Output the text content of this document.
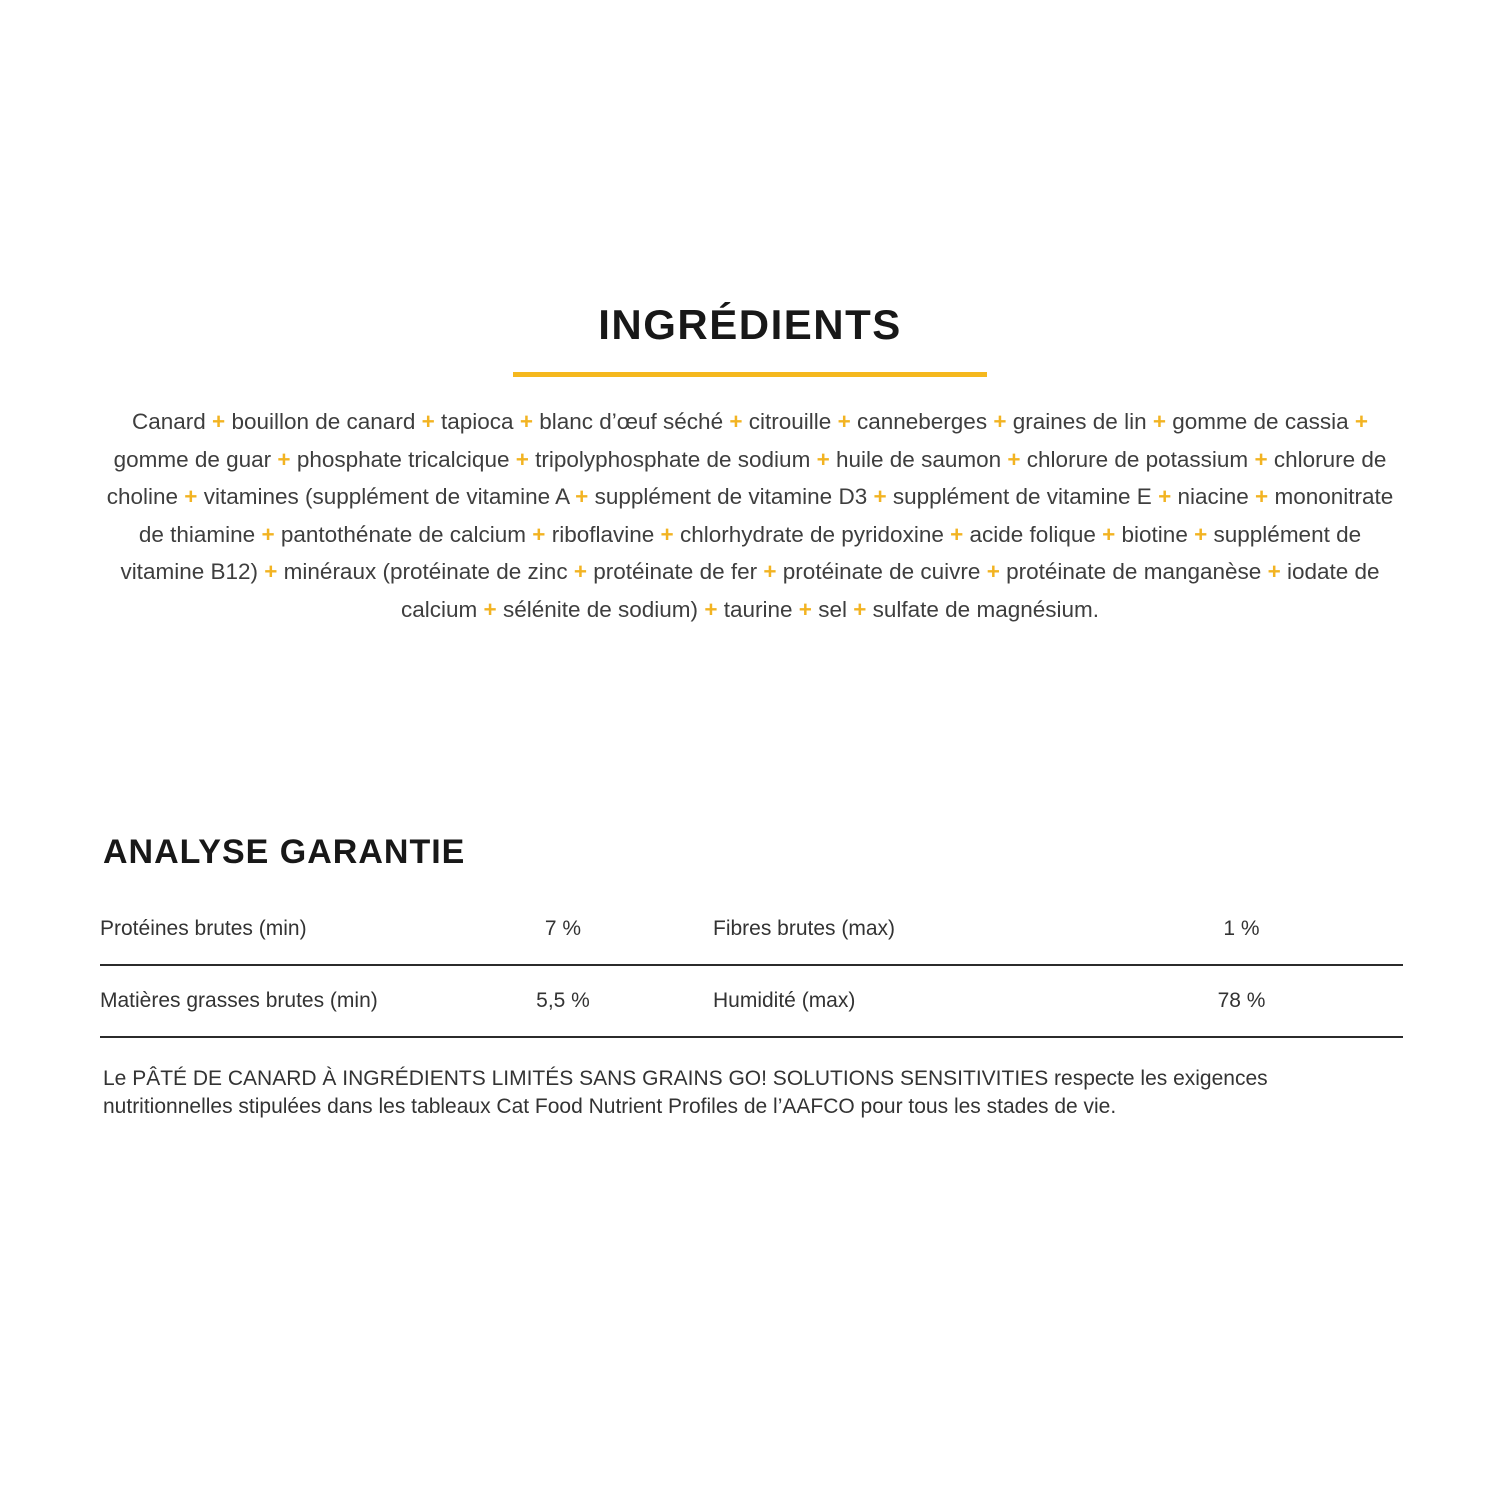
INGRÉDIENTS

Canard + bouillon de canard + tapioca + blanc d’œuf séché + citrouille + canneberges + graines de lin + gomme de cassia + gomme de guar + phosphate tricalcique + tripolyphosphate de sodium + huile de saumon + chlorure de potassium + chlorure de choline + vitamines (supplément de vitamine A + supplément de vitamine D3 + supplément de vitamine E + niacine + mononitrate de thiamine + pantothénate de calcium + riboflavine + chlorhydrate de pyridoxine + acide folique + biotine + supplément de vitamine B12) + minéraux (protéinate de zinc + protéinate de fer + protéinate de cuivre + protéinate de manganèse + iodate de calcium + sélénite de sodium) + taurine + sel + sulfate de magnésium.

ANALYSE GARANTIE
Protéines brutes (min)	7 %	Fibres brutes (max)	1 %
Matières grasses brutes (min)	5,5 %	Humidité (max)	78 %

Le PÂTÉ DE CANARD À INGRÉDIENTS LIMITÉS SANS GRAINS GO! SOLUTIONS SENSITIVITIES respecte les exigences nutritionnelles stipulées dans les tableaux Cat Food Nutrient Profiles de l’AAFCO pour tous les stades de vie.
